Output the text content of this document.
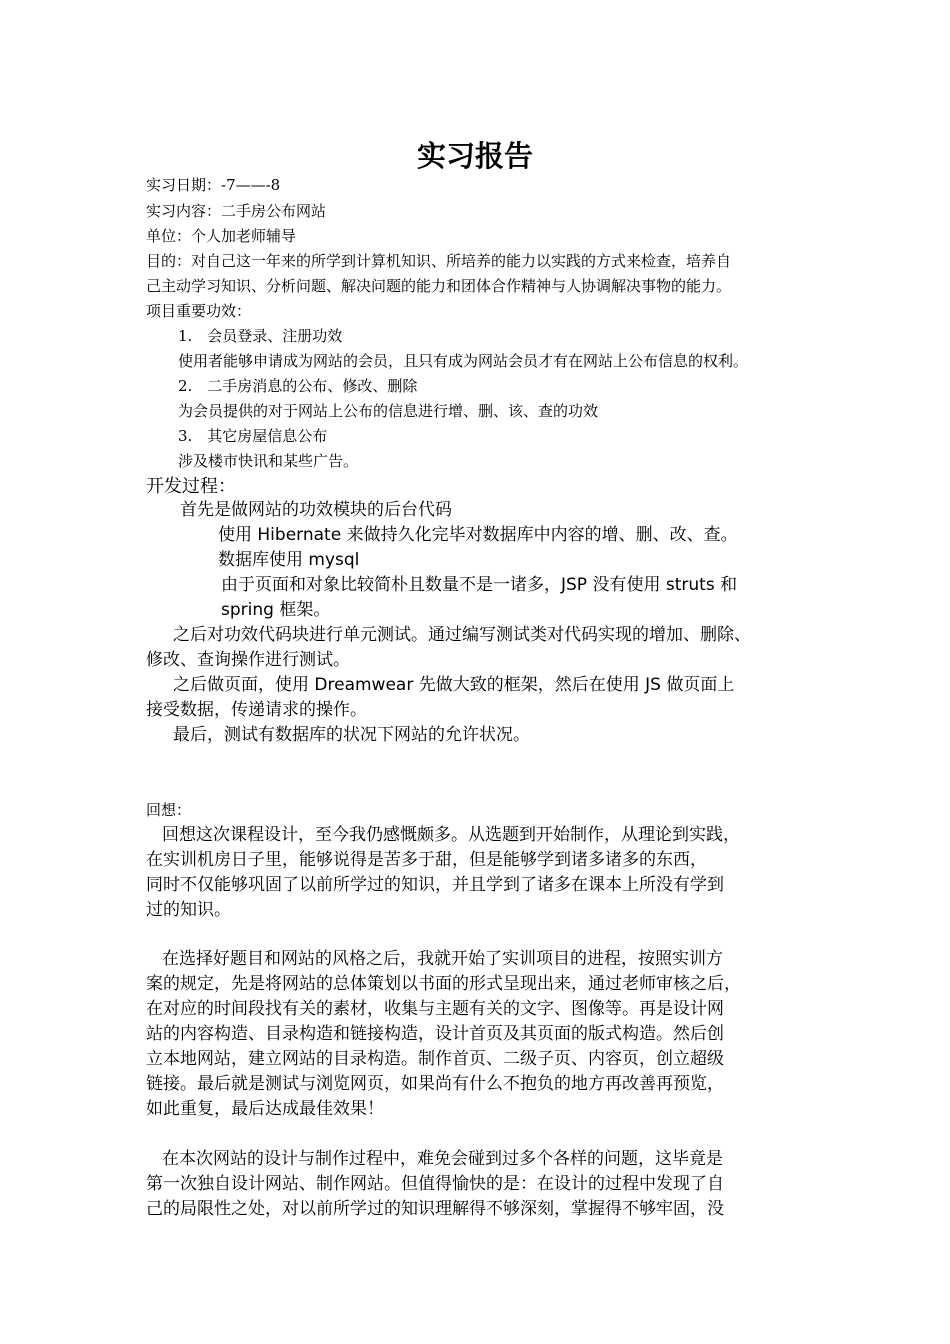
实习报告
实习日期：-7——-8
实习内容：二手房公布网站
单位：个人加老师辅导
目的：对自己这一年来的所学到计算机知识、所培养的能力以实践的方式来检查，培养自
己主动学习知识、分析问题、解决问题的能力和团体合作精神与人协调解决事物的能力。
项目重要功效：
1.　会员登录、注册功效
使用者能够申请成为网站的会员，且只有成为网站会员才有在网站上公布信息的权利。
2.　二手房消息的公布、修改、删除
为会员提供的对于网站上公布的信息进行增、删、该、查的功效
3.　其它房屋信息公布
涉及楼市快讯和某些广告。
开发过程：
首先是做网站的功效模块的后台代码
使用 Hibernate 来做持久化完毕对数据库中内容的增、删、改、查。
数据库使用 mysql
由于页面和对象比较简朴且数量不是一诸多，JSP 没有使用 struts 和
spring 框架。
之后对功效代码块进行单元测试。通过编写测试类对代码实现的增加、删除、
修改、查询操作进行测试。
之后做页面，使用 Dreamwear 先做大致的框架，然后在使用 JS 做页面上
接受数据，传递请求的操作。
最后，测试有数据库的状况下网站的允许状况。
回想：
回想这次课程设计，至今我仍感慨颇多。从选题到开始制作，从理论到实践，
在实训机房日子里，能够说得是苦多于甜，但是能够学到诸多诸多的东西，
同时不仅能够巩固了以前所学过的知识，并且学到了诸多在课本上所没有学到
过的知识。
在选择好题目和网站的风格之后，我就开始了实训项目的进程，按照实训方
案的规定，先是将网站的总体策划以书面的形式呈现出来，通过老师审核之后，
在对应的时间段找有关的素材，收集与主题有关的文字、图像等。再是设计网
站的内容构造、目录构造和链接构造，设计首页及其页面的版式构造。然后创
立本地网站，建立网站的目录构造。制作首页、二级子页、内容页，创立超级
链接。最后就是测试与浏览网页，如果尚有什么不抱负的地方再改善再预览，
如此重复，最后达成最佳效果！
在本次网站的设计与制作过程中，难免会碰到过多个各样的问题，这毕竟是
第一次独自设计网站、制作网站。但值得愉快的是：在设计的过程中发现了自
己的局限性之处，对以前所学过的知识理解得不够深刻，掌握得不够牢固，没
